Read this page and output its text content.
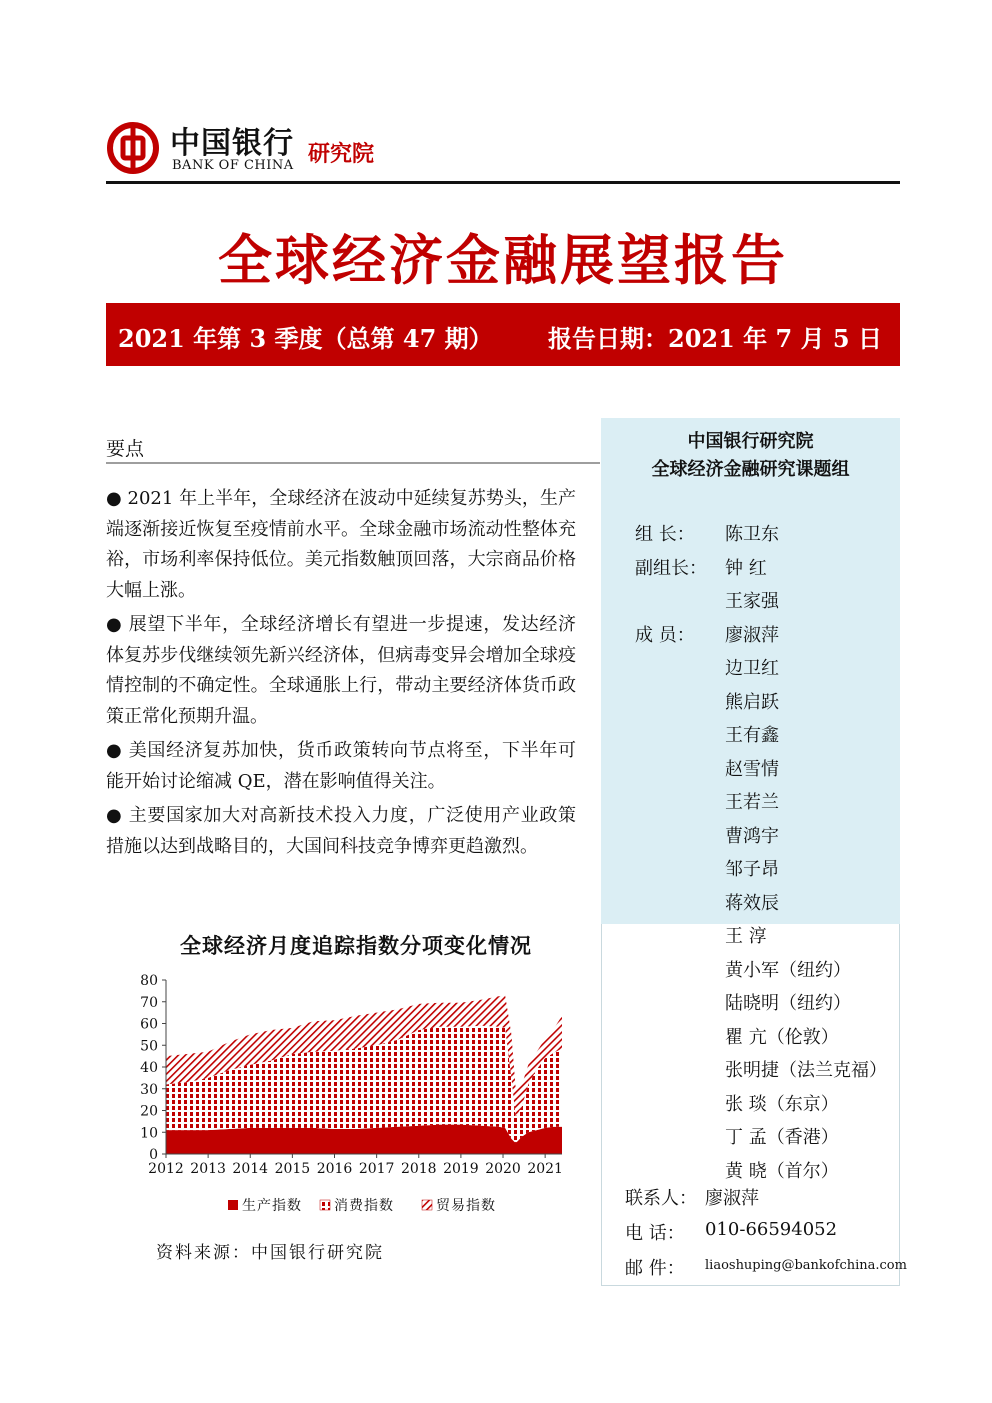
中国银行
BANK OF CHINA 研究院
全球经济金融展望报告
2021 年第 3 季度（总第 47 期） 报告日期：2021 年 7 月 5 日
要点
● 2021 年上半年，全球经济在波动中延续复苏势头，生产端逐渐接近恢复至疫情前水平。全球金融市场流动性整体充裕，市场利率保持低位。美元指数触顶回落，大宗商品价格大幅上涨。
● 展望下半年，全球经济增长有望进一步提速，发达经济体复苏步伐继续领先新兴经济体，但病毒变异会增加全球疫情控制的不确定性。全球通胀上行，带动主要经济体货币政策正常化预期升温。
● 美国经济复苏加快，货币政策转向节点将至，下半年可能开始讨论缩减 QE，潜在影响值得关注。
● 主要国家加大对高新技术投入力度，广泛使用产业政策措施以达到战略目的，大国间科技竞争博弈更趋激烈。
中国银行研究院
全球经济金融研究课题组
组 长：	陈卫东
副组长：	钟 红
王家强
成 员：	廖淑萍
边卫红
熊启跃
王有鑫
赵雪情
王若兰
曹鸿宇
邹子昂
蒋效辰
王 淳
黄小军（纽约）
陆晓明（纽约）
瞿 亢（伦敦）
张明捷（法兰克福）
张 琰（东京）
丁 孟（香港）
黄 晓（首尔）
联系人： 廖淑萍
电 话： 010-66594052
邮 件： liaoshuping@bankofchina.com
全球经济月度追踪指数分项变化情况
0
10
20
30
40
50
60
70
80
2012 2013 2014 2015 2016 2017 2018 2019 2020 2021
生产指数 消费指数	贸易指数
资料来源：中国银行研究院
